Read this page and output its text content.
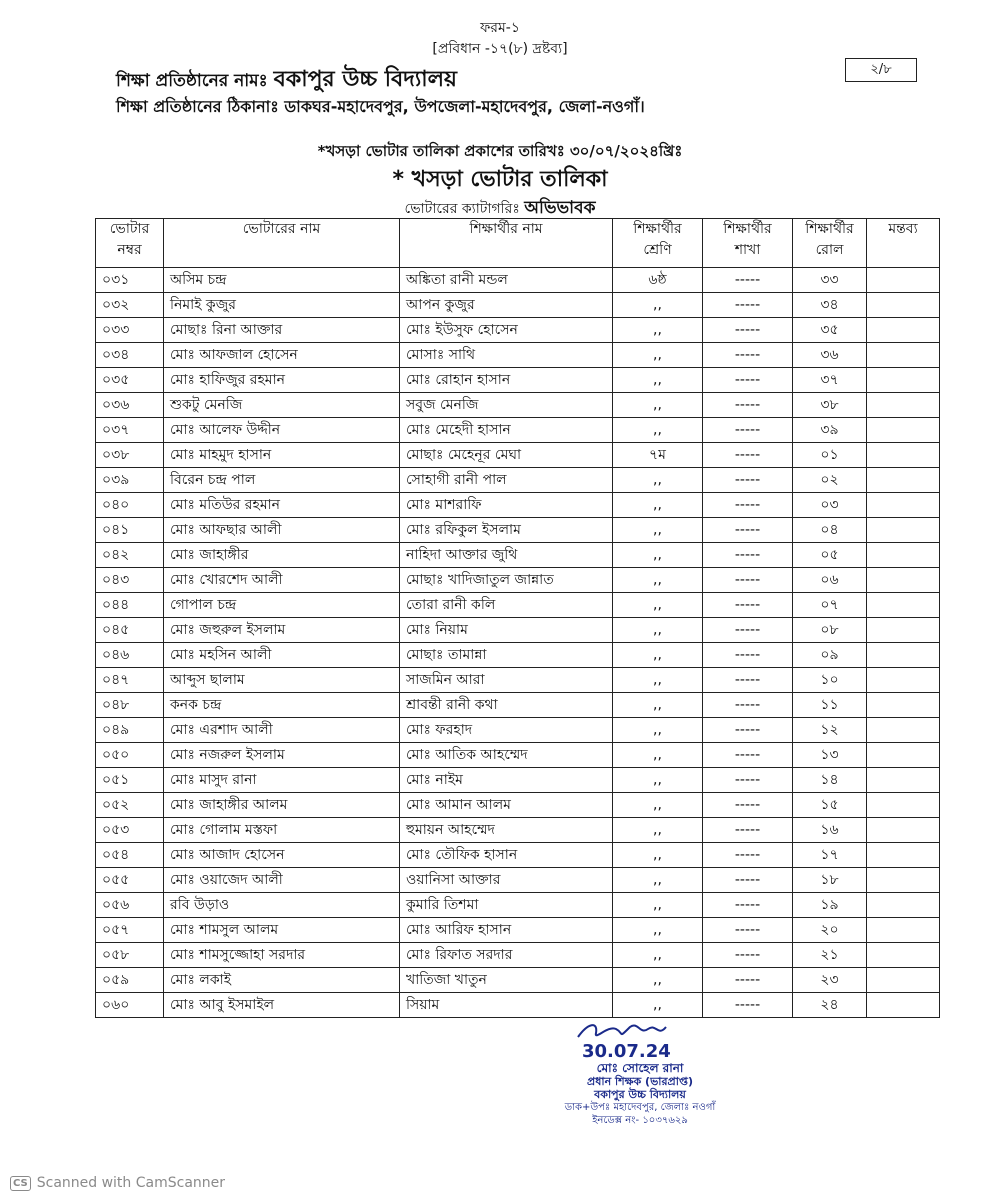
ফরম-১
[প্রবিধান -১৭(৮) দ্রষ্টব্য]
শিক্ষা প্রতিষ্ঠানের নামঃ বকাপুর উচ্চ বিদ্যালয়	২/৮
শিক্ষা প্রতিষ্ঠানের ঠিকানাঃ ডাকঘর-মহাদেবপুর, উপজেলা-মহাদেবপুর, জেলা-নওগাঁ।
*খসড়া ভোটার তালিকা প্রকাশের তারিখঃ ৩০/০৭/২০২৪খ্রিঃ
* খসড়া ভোটার তালিকা
ভোটারের ক্যাটাগরিঃ অভিভাবক
ভোটার নম্বর	ভোটারের নাম	শিক্ষার্থীর নাম	শিক্ষার্থীর শ্রেণি	শিক্ষার্থীর শাখা	শিক্ষার্থীর রোল	মন্তব্য
০৩১	অসিম চন্দ্র	অঙ্কিতা রানী মন্ডল	৬ষ্ঠ	-----	৩৩	
০৩২	নিমাই কুজুর	আপন কুজুর	,,	-----	৩৪	
০৩৩	মোছাঃ রিনা আক্তার	মোঃ ইউসুফ হোসেন	,,	-----	৩৫	
০৩৪	মোঃ আফজাল হোসেন	মোসাঃ সাথি	,,	-----	৩৬	
০৩৫	মোঃ হাফিজুর রহমান	মোঃ রোহান হাসান	,,	-----	৩৭	
০৩৬	শুকটু মেনজি	সবুজ মেনজি	,,	-----	৩৮	
০৩৭	মোঃ আলেফ উদ্দীন	মোঃ মেহেদী হাসান	,,	-----	৩৯	
০৩৮	মোঃ মাহমুদ হাসান	মোছাঃ মেহেনূর মেঘা	৭ম	-----	০১	
০৩৯	বিরেন চন্দ্র পাল	সোহাগী রানী পাল	,,	-----	০২	
০৪০	মোঃ মতিউর রহমান	মোঃ মাশরাফি	,,	-----	০৩	
০৪১	মোঃ আফছার আলী	মোঃ রফিকুল ইসলাম	,,	-----	০৪	
০৪২	মোঃ জাহাঙ্গীর	নাহিদা আক্তার জুথি	,,	-----	০৫	
০৪৩	মোঃ খোরশেদ আলী	মোছাঃ খাদিজাতুল জান্নাত	,,	-----	০৬	
০৪৪	গোপাল চন্দ্র	তোরা রানী কলি	,,	-----	০৭	
০৪৫	মোঃ জহুরুল ইসলাম	মোঃ নিয়াম	,,	-----	০৮	
০৪৬	মোঃ মহসিন আলী	মোছাঃ তামান্না	,,	-----	০৯	
০৪৭	আব্দুস ছালাম	সাজমিন আরা	,,	-----	১০	
০৪৮	কনক চন্দ্র	শ্রাবন্তী রানী কথা	,,	-----	১১	
০৪৯	মোঃ এরশাদ আলী	মোঃ ফরহাদ	,,	-----	১২	
০৫০	মোঃ নজরুল ইসলাম	মোঃ আতিক আহম্মেদ	,,	-----	১৩	
০৫১	মোঃ মাসুদ রানা	মোঃ নাইম	,,	-----	১৪	
০৫২	মোঃ জাহাঙ্গীর আলম	মোঃ আমান আলম	,,	-----	১৫	
০৫৩	মোঃ গোলাম মস্তফা	হুমায়ন আহম্মেদ	,,	-----	১৬	
০৫৪	মোঃ আজাদ হোসেন	মোঃ তৌফিক হাসান	,,	-----	১৭	
০৫৫	মোঃ ওয়াজেদ আলী	ওয়ানিসা আক্তার	,,	-----	১৮	
০৫৬	রবি উড়াও	কুমারি তিশমা	,,	-----	১৯	
০৫৭	মোঃ শামসুল আলম	মোঃ আরিফ হাসান	,,	-----	২০	
০৫৮	মোঃ শামসুজ্জোহা সরদার	মোঃ রিফাত সরদার	,,	-----	২১	
০৫৯	মোঃ লকাই	খাতিজা খাতুন	,,	-----	২৩	
০৬০	মোঃ আবু ইসমাইল	সিয়াম	,,	-----	২৪	
30.07.24
মোঃ সোহেল রানা
প্রধান শিক্ষক (ভারপ্রাপ্ত)
বকাপুর উচ্চ বিদ্যালয়
ডাক+উপঃ মহাদেবপুর, জেলাঃ নওগাঁ
ইনডেক্স নং- ১০৩৭৬২৯
CS Scanned with CamScanner
